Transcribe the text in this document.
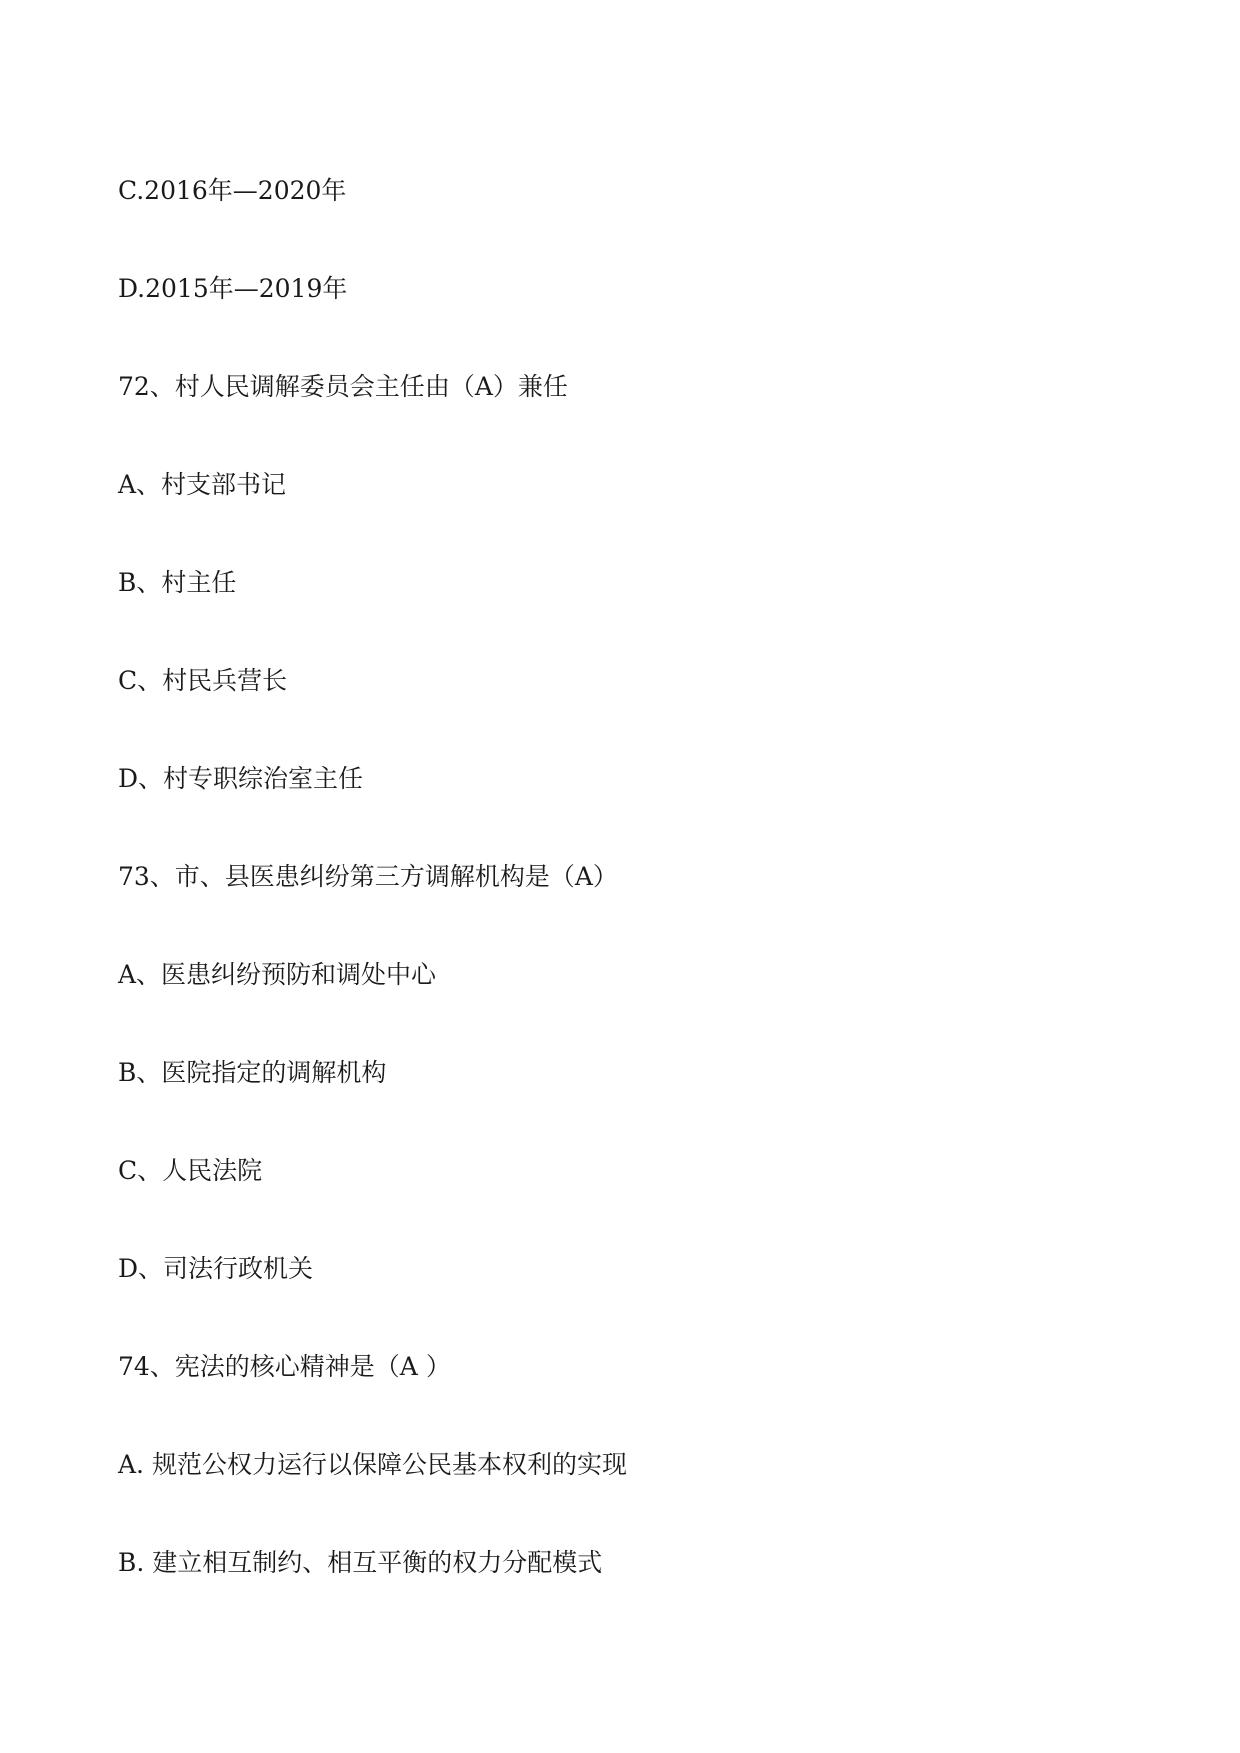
C.2016年—2020年
D.2015年—2019年
72、村人民调解委员会主任由（A）兼任
A、村支部书记
B、村主任
C、村民兵营长
D、村专职综治室主任
73、市、县医患纠纷第三方调解机构是（A）
A、医患纠纷预防和调处中心
B、医院指定的调解机构
C、人民法院
D、司法行政机关
74、宪法的核心精神是（A ）
A. 规范公权力运行以保障公民基本权利的实现
B. 建立相互制约、相互平衡的权力分配模式
